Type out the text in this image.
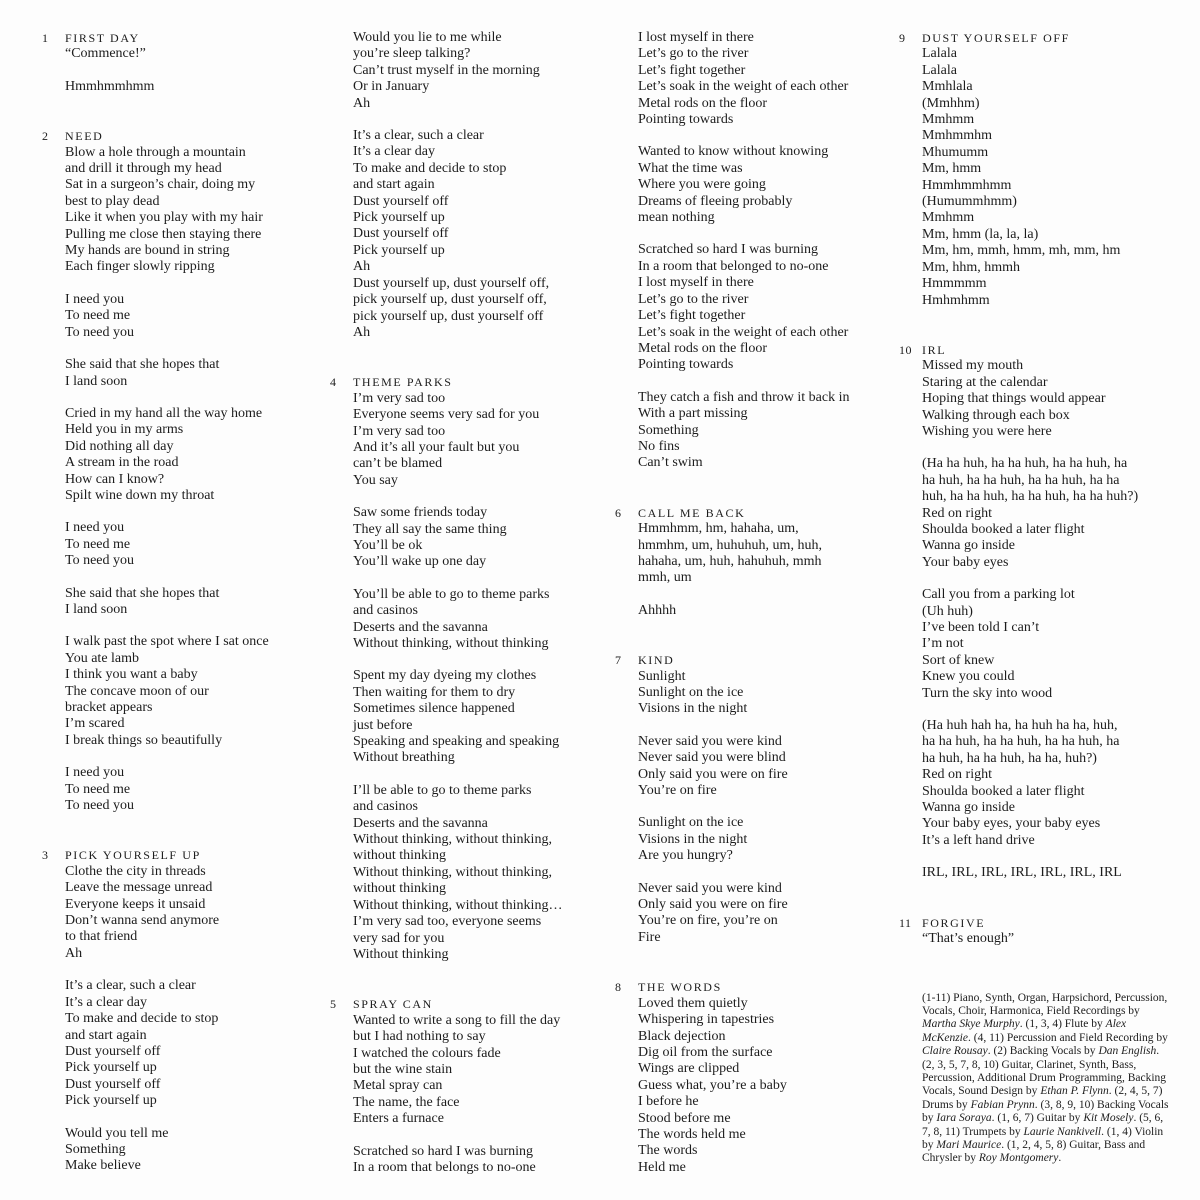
1 FIRST DAY
“Commence!”
Hmmhmmhmm
2 NEED
Blow a hole through a mountain
and drill it through my head
Sat in a surgeon’s chair, doing my
best to play dead
Like it when you play with my hair
Pulling me close then staying there
My hands are bound in string
Each finger slowly ripping
I need you
To need me
To need you
She said that she hopes that
I land soon
Cried in my hand all the way home
Held you in my arms
Did nothing all day
A stream in the road
How can I know?
Spilt wine down my throat
I need you
To need me
To need you
She said that she hopes that
I land soon
I walk past the spot where I sat once
You ate lamb
I think you want a baby
The concave moon of our
bracket appears
I’m scared
I break things so beautifully
I need you
To need me
To need you
3 PICK YOURSELF UP
Clothe the city in threads
Leave the message unread
Everyone keeps it unsaid
Don’t wanna send anymore
to that friend
Ah
It’s a clear, such a clear
It’s a clear day
To make and decide to stop
and start again
Dust yourself off
Pick yourself up
Dust yourself off
Pick yourself up
Would you tell me
Something
Make believe
Would you lie to me while
you’re sleep talking?
Can’t trust myself in the morning
Or in January
Ah
It’s a clear, such a clear
It’s a clear day
To make and decide to stop
and start again
Dust yourself off
Pick yourself up
Dust yourself off
Pick yourself up
Ah
Dust yourself up, dust yourself off,
pick yourself up, dust yourself off,
pick yourself up, dust yourself off
Ah
4 THEME PARKS
I’m very sad too
Everyone seems very sad for you
I’m very sad too
And it’s all your fault but you
can’t be blamed
You say
Saw some friends today
They all say the same thing
You’ll be ok
You’ll wake up one day
You’ll be able to go to theme parks
and casinos
Deserts and the savanna
Without thinking, without thinking
Spent my day dyeing my clothes
Then waiting for them to dry
Sometimes silence happened
just before
Speaking and speaking and speaking
Without breathing
I’ll be able to go to theme parks
and casinos
Deserts and the savanna
Without thinking, without thinking,
without thinking
Without thinking, without thinking,
without thinking
Without thinking, without thinking…
I’m very sad too, everyone seems
very sad for you
Without thinking
5 SPRAY CAN
Wanted to write a song to fill the day
but I had nothing to say
I watched the colours fade
but the wine stain
Metal spray can
The name, the face
Enters a furnace
Scratched so hard I was burning
In a room that belongs to no-one
I lost myself in there
Let’s go to the river
Let’s fight together
Let’s soak in the weight of each other
Metal rods on the floor
Pointing towards
Wanted to know without knowing
What the time was
Where you were going
Dreams of fleeing probably
mean nothing
Scratched so hard I was burning
In a room that belonged to no-one
I lost myself in there
Let’s go to the river
Let’s fight together
Let’s soak in the weight of each other
Metal rods on the floor
Pointing towards
They catch a fish and throw it back in
With a part missing
Something
No fins
Can’t swim
6 CALL ME BACK
Hmmhmm, hm, hahaha, um,
hmmhm, um, huhuhuh, um, huh,
hahaha, um, huh, hahuhuh, mmh
mmh, um
Ahhhh
7 KIND
Sunlight
Sunlight on the ice
Visions in the night
Never said you were kind
Never said you were blind
Only said you were on fire
You’re on fire
Sunlight on the ice
Visions in the night
Are you hungry?
Never said you were kind
Only said you were on fire
You’re on fire, you’re on
Fire
8 THE WORDS
Loved them quietly
Whispering in tapestries
Black dejection
Dig oil from the surface
Wings are clipped
Guess what, you’re a baby
I before he
Stood before me
The words held me
The words
Held me
9 DUST YOURSELF OFF
Lalala
Lalala
Mmhlala
(Mmhhm)
Mmhmm
Mmhmmhm
Mhumumm
Mm, hmm
Hmmhmmhmm
(Humummhmm)
Mmhmm
Mm, hmm (la, la, la)
Mm, hm, mmh, hmm, mh, mm, hm
Mm, hhm, hmmh
Hmmmmm
Hmhmhmm
10 IRL
Missed my mouth
Staring at the calendar
Hoping that things would appear
Walking through each box
Wishing you were here
(Ha ha huh, ha ha huh, ha ha huh, ha
ha huh, ha ha huh, ha ha huh, ha ha
huh, ha ha huh, ha ha huh, ha ha huh?)
Red on right
Shoulda booked a later flight
Wanna go inside
Your baby eyes
Call you from a parking lot
(Uh huh)
I’ve been told I can’t
I’m not
Sort of knew
Knew you could
Turn the sky into wood
(Ha huh hah ha, ha huh ha ha, huh,
ha ha huh, ha ha huh, ha ha huh, ha
ha huh, ha ha huh, ha ha, huh?)
Red on right
Shoulda booked a later flight
Wanna go inside
Your baby eyes, your baby eyes
It’s a left hand drive
IRL, IRL, IRL, IRL, IRL, IRL, IRL
11 FORGIVE
“That’s enough”
(1-11) Piano, Synth, Organ, Harpsichord, Percussion, Vocals, Choir, Harmonica, Field Recordings by Martha Skye Murphy. (1, 3, 4) Flute by Alex McKenzie. (4, 11) Percussion and Field Recording by Claire Rousay. (2) Backing Vocals by Dan English. (2, 3, 5, 7, 8, 10) Guitar, Clarinet, Synth, Bass, Percussion, Additional Drum Programming, Backing Vocals, Sound Design by Ethan P. Flynn. (2, 4, 5, 7) Drums by Fabian Prynn. (3, 8, 9, 10) Backing Vocals by Iara Soraya. (1, 6, 7) Guitar by Kit Mosely. (5, 6, 7, 8, 11) Trumpets by Laurie Nankivell. (1, 4) Violin by Mari Maurice. (1, 2, 4, 5, 8) Guitar, Bass and Chrysler by Roy Montgomery.
